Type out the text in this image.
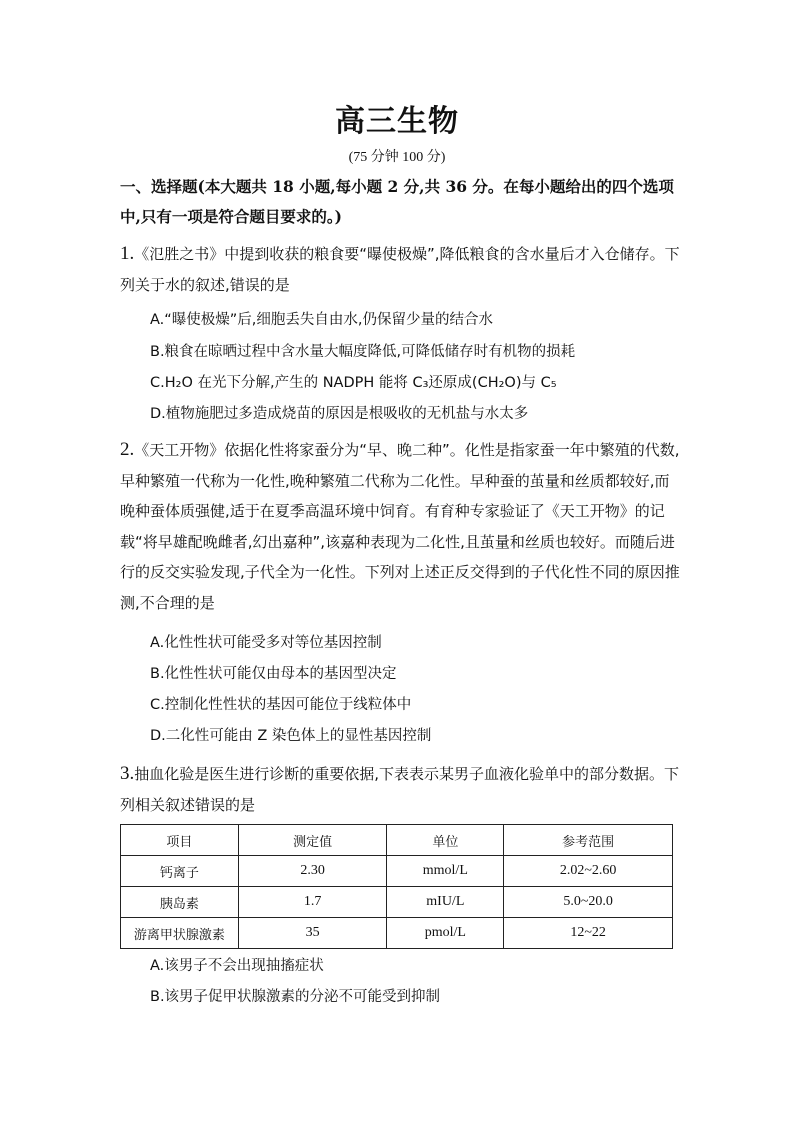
高三生物
(75 分钟 100 分)
一、选择题(本大题共 18 小题,每小题 2 分,共 36 分。在每小题给出的四个选项中,只有一项是符合题目要求的。)
1.《氾胜之书》中提到收获的粮食要“曝使极燥”,降低粮食的含水量后才入仓储存。下列关于水的叙述,错误的是
A.“曝使极燥”后,细胞丢失自由水,仍保留少量的结合水
B.粮食在晾晒过程中含水量大幅度降低,可降低储存时有机物的损耗
C.H₂O 在光下分解,产生的 NADPH 能将 C₃还原成(CH₂O)与 C₅
D.植物施肥过多造成烧苗的原因是根吸收的无机盐与水太多
2.《天工开物》依据化性将家蚕分为“早、晚二种”。化性是指家蚕一年中繁殖的代数,早种繁殖一代称为一化性,晚种繁殖二代称为二化性。早种蚕的茧量和丝质都较好,而晚种蚕体质强健,适于在夏季高温环境中饲育。有育种专家验证了《天工开物》的记载“将早雄配晚雌者,幻出嘉种”,该嘉种表现为二化性,且茧量和丝质也较好。而随后进行的反交实验发现,子代全为一化性。下列对上述正反交得到的子代化性不同的原因推测,不合理的是
A.化性性状可能受多对等位基因控制
B.化性性状可能仅由母本的基因型决定
C.控制化性性状的基因可能位于线粒体中
D.二化性可能由 Z 染色体上的显性基因控制
3.抽血化验是医生进行诊断的重要依据,下表表示某男子血液化验单中的部分数据。下列相关叙述错误的是
项目	测定值	单位	参考范围
钙离子	2.30	mmol/L	2.02~2.60
胰岛素	1.7	mIU/L	5.0~20.0
游离甲状腺激素	35	pmol/L	12~22
A.该男子不会出现抽搐症状
B.该男子促甲状腺激素的分泌不可能受到抑制
